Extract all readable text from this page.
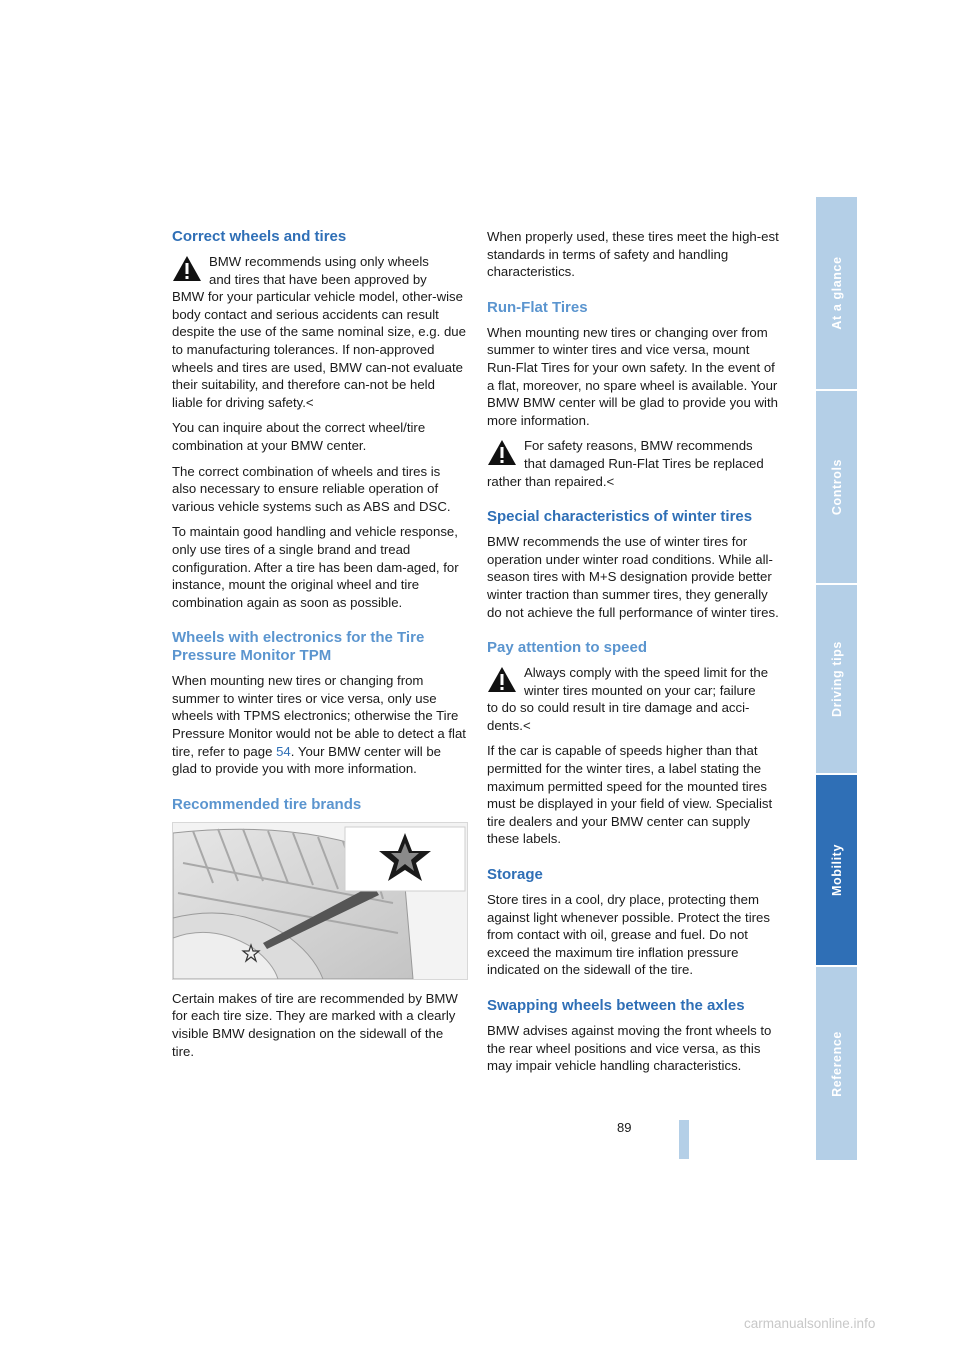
Correct wheels and tires

BMW recommends using only wheels
and tires that have been approved by
BMW for your particular vehicle model, other-wise body contact and serious accidents can result despite the use of the same nominal size, e.g. due to manufacturing tolerances. If non-approved wheels and tires are used, BMW can-not evaluate their suitability, and therefore can-not be held liable for driving safety.<

You can inquire about the correct wheel/tire combination at your BMW center.

The correct combination of wheels and tires is also necessary to ensure reliable operation of various vehicle systems such as ABS and DSC.

To maintain good handling and vehicle response, only use tires of a single brand and tread configuration. After a tire has been dam-aged, for instance, mount the original wheel and tire combination again as soon as possible.

Wheels with electronics for the Tire Pressure Monitor TPM

When mounting new tires or changing from summer to winter tires or vice versa, only use wheels with TPMS electronics; otherwise the Tire Pressure Monitor would not be able to detect a flat tire, refer to page 54. Your BMW center will be glad to provide you with more information.

Recommended tire brands

Certain makes of tire are recommended by BMW for each tire size. They are marked with a clearly visible BMW designation on the sidewall of the tire.

When properly used, these tires meet the high-est standards in terms of safety and handling characteristics.

Run-Flat Tires

When mounting new tires or changing over from summer to winter tires and vice versa, mount Run-Flat Tires for your own safety. In the event of a flat, moreover, no spare wheel is available. Your BMW BMW center will be glad to provide you with more information.

For safety reasons, BMW recommends
that damaged Run-Flat Tires be replaced
rather than repaired.<

Special characteristics of winter tires

BMW recommends the use of winter tires for operation under winter road conditions. While all-season tires with M+S designation provide better winter traction than summer tires, they generally do not achieve the full performance of winter tires.

Pay attention to speed

Always comply with the speed limit for the
winter tires mounted on your car; failure
to do so could result in tire damage and acci-dents.<

If the car is capable of speeds higher than that permitted for the winter tires, a label stating the maximum permitted speed for the mounted tires must be displayed in your field of view. Specialist tire dealers and your BMW center can supply these labels.

Storage

Store tires in a cool, dry place, protecting them against light whenever possible. Protect the tires from contact with oil, grease and fuel. Do not exceed the maximum tire inflation pressure indicated on the sidewall of the tire.

Swapping wheels between the axles

BMW advises against moving the front wheels to the rear wheel positions and vice versa, as this may impair vehicle handling characteristics.

At a glance
Controls
Driving tips
Mobility
Reference
89
carmanualsonline.info
